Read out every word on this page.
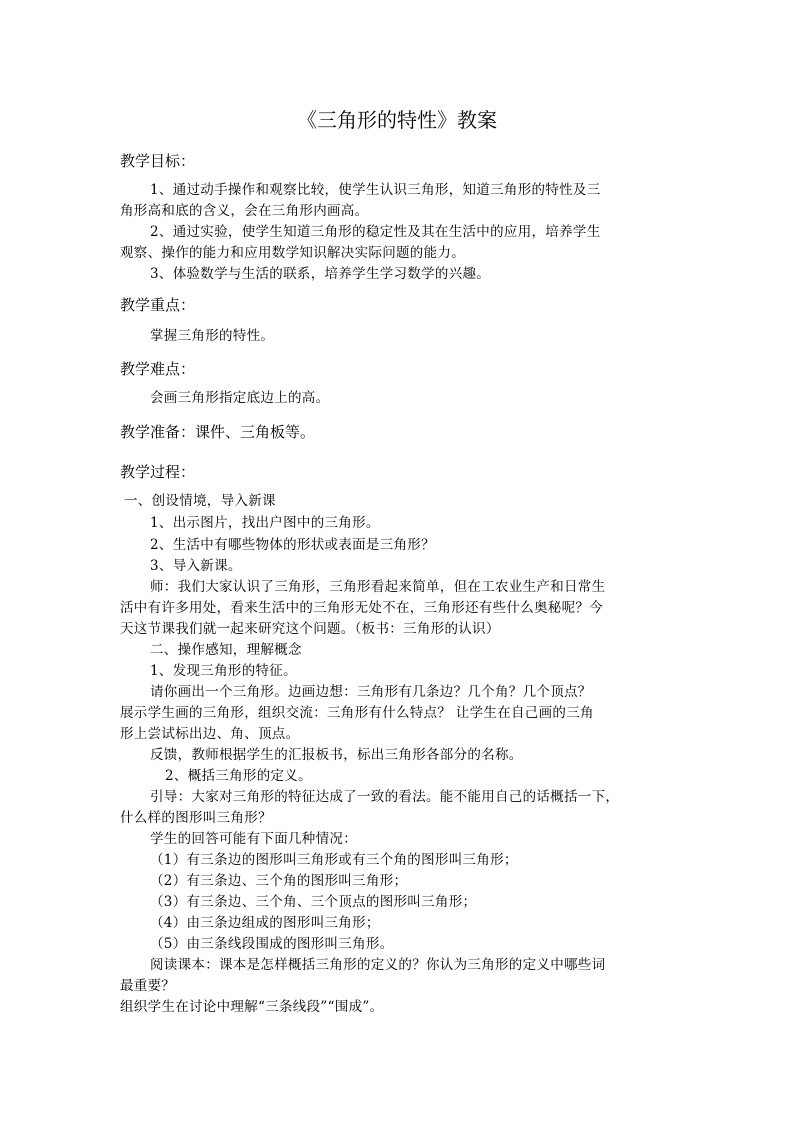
《三角形的特性》教案
教学目标：
1、通过动手操作和观察比较，使学生认识三角形，知道三角形的特性及三
角形高和底的含义，会在三角形内画高。
2、通过实验，使学生知道三角形的稳定性及其在生活中的应用，培养学生
观察、操作的能力和应用数学知识解决实际问题的能力。
3、体验数学与生活的联系，培养学生学习数学的兴趣。
教学重点：
掌握三角形的特性。
教学难点：
会画三角形指定底边上的高。
教学准备：课件、三角板等。
教学过程：
一、创设情境，导入新课
1、出示图片，找出户图中的三角形。
2、生活中有哪些物体的形状或表面是三角形？
3、导入新课。
师：我们大家认识了三角形，三角形看起来简单，但在工农业生产和日常生
活中有许多用处，看来生活中的三角形无处不在，三角形还有些什么奥秘呢？今
天这节课我们就一起来研究这个问题。（板书：三角形的认识）
二、操作感知，理解概念
1、发现三角形的特征。
请你画出一个三角形。边画边想：三角形有几条边？几个角？几个顶点？
展示学生画的三角形，组织交流：三角形有什么特点？ 让学生在自己画的三角
形上尝试标出边、角、顶点。
反馈，教师根据学生的汇报板书，标出三角形各部分的名称。
2、概括三角形的定义。
引导：大家对三角形的特征达成了一致的看法。能不能用自己的话概括一下，
什么样的图形叫三角形？
学生的回答可能有下面几种情况：
（1）有三条边的图形叫三角形或有三个角的图形叫三角形；
（2）有三条边、三个角的图形叫三角形；
（3）有三条边、三个角、三个顶点的图形叫三角形；
（4）由三条边组成的图形叫三角形；
（5）由三条线段围成的图形叫三角形。
阅读课本：课本是怎样概括三角形的定义的？你认为三角形的定义中哪些词
最重要？
组织学生在讨论中理解“三条线段”“围成”。
